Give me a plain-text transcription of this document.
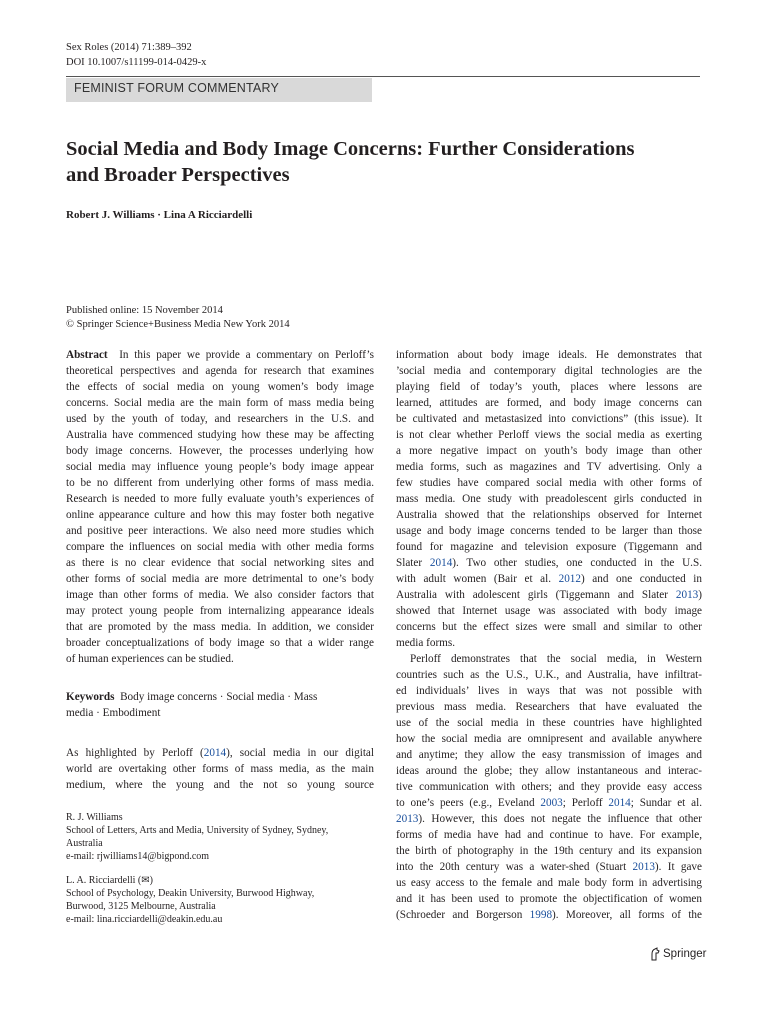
Sex Roles (2014) 71:389–392
DOI 10.1007/s11199-014-0429-x
FEMINIST FORUM COMMENTARY
Social Media and Body Image Concerns: Further Considerations
and Broader Perspectives
Robert J. Williams · Lina A Ricciardelli
Published online: 15 November 2014
© Springer Science+Business Media New York 2014
Abstract In this paper we provide a commentary on Perloff’s
theoretical perspectives and agenda for research that examines
the effects of social media on young women’s body image
concerns. Social media are the main form of mass media being
used by the youth of today, and researchers in the U.S. and
Australia have commenced studying how these may be affecting
body image concerns. However, the processes underlying how
social media may influence young people’s body image appear
to be no different from underlying other forms of mass media.
Research is needed to more fully evaluate youth’s experiences of
online appearance culture and how this may foster both negative
and positive peer interactions. We also need more studies which
compare the influences on social media with other media forms
as there is no clear evidence that social networking sites and
other forms of social media are more detrimental to one’s body
image than other forms of media. We also consider factors that
may protect young people from internalizing appearance ideals
that are promoted by the mass media. In addition, we consider
broader conceptualizations of body image so that a wider range
of human experiences can be studied.
Keywords Body image concerns · Social media · Mass
media · Embodiment
As highlighted by Perloff (2014), social media in our digital
world are overtaking other forms of mass media, as the main
medium, where the young and the not so young source
R. J. Williams
School of Letters, Arts and Media, University of Sydney, Sydney,
Australia
e-mail: rjwilliams14@bigpond.com
L. A. Ricciardelli (✉)
School of Psychology, Deakin University, Burwood Highway,
Burwood, 3125 Melbourne, Australia
e-mail: lina.ricciardelli@deakin.edu.au
information about body image ideals. He demonstrates that
’social media and contemporary digital technologies are the
playing field of today’s youth, places where lessons are
learned, attitudes are formed, and body image concerns can
be cultivated and metastasized into convictions” (this issue). It
is not clear whether Perloff views the social media as exerting
a more negative impact on youth’s body image than other
media forms, such as magazines and TV advertising. Only a
few studies have compared social media with other forms of
mass media. One study with preadolescent girls conducted in
Australia showed that the relationships observed for Internet
usage and body image concerns tended to be larger than those
found for magazine and television exposure (Tiggemann and
Slater 2014). Two other studies, one conducted in the U.S.
with adult women (Bair et al. 2012) and one conducted in
Australia with adolescent girls (Tiggemann and Slater 2013)
showed that Internet usage was associated with body image
concerns but the effect sizes were small and similar to other
media forms.
Perloff demonstrates that the social media, in Western
countries such as the U.S., U.K., and Australia, have infiltrat-
ed individuals’ lives in ways that was not possible with
previous mass media. Researchers that have evaluated the
use of the social media in these countries have highlighted
how the social media are omnipresent and available anywhere
and anytime; they allow the easy transmission of images and
ideas around the globe; they allow instantaneous and interac-
tive communication with others; and they provide easy access
to one’s peers (e.g., Eveland 2003; Perloff 2014; Sundar et al.
2013). However, this does not negate the influence that other
forms of media have had and continue to have. For example,
the birth of photography in the 19th century and its expansion
into the 20th century was a water-shed (Stuart 2013). It gave
us easy access to the female and male body form in advertising
and it has been used to promote the objectification of women
(Schroeder and Borgerson 1998). Moreover, all forms of the
Springer
